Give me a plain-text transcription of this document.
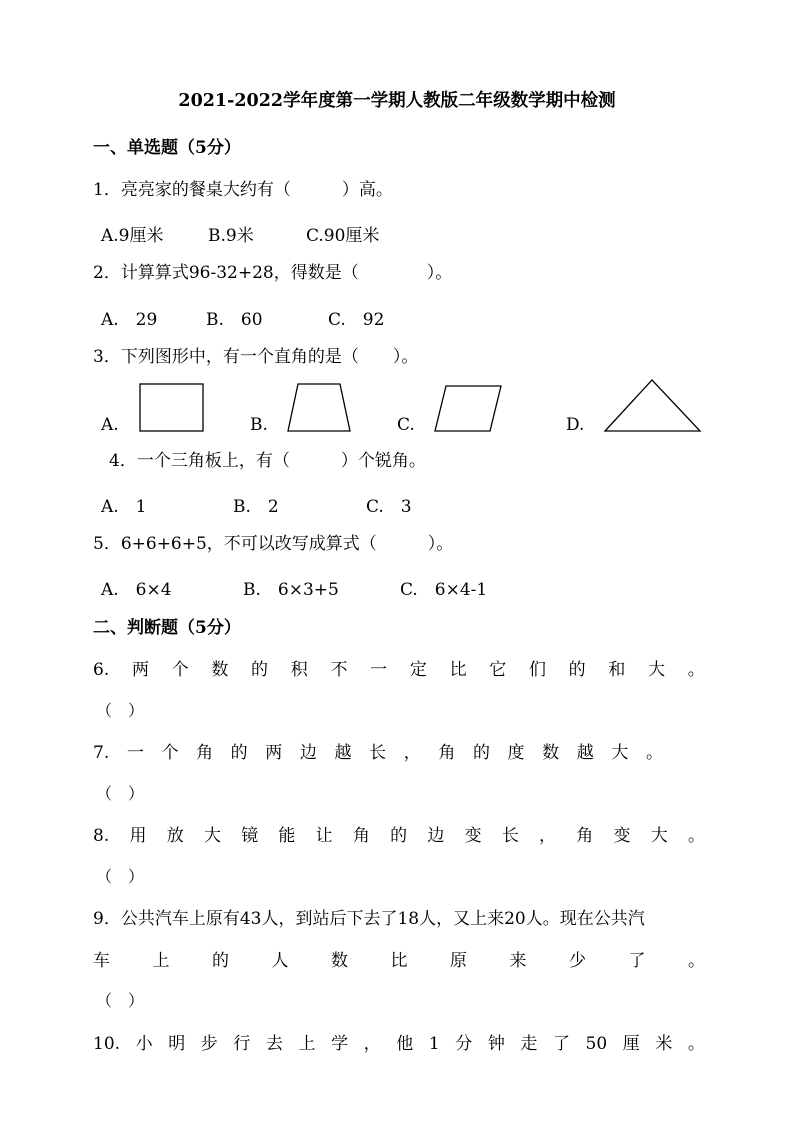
2021-2022学年度第一学期人教版二年级数学期中检测
一、单选题（5分）
1．亮亮家的餐桌大约有（　　　）高。
A.9厘米	B.9米	C.90厘米
2．计算算式96-32+28，得数是（　　　　）。
A.　29	B.　60	C.　92
3．下列图形中，有一个直角的是（　　）。
A.	B.	C.	D.
4．一个三角板上，有（　　　）个锐角。
A.　1	B.　2	C.　3
5．6+6+6+5，不可以改写成算式（　　　）。
A.　6×4	B.　6×3+5	C.　6×4-1
二、判断题（5分）
6. 两 个 数 的 积 不 一 定 比 它 们 的 和 大 。
（　）
7. 一 个 角 的 两 边 越 长 ， 角 的 度 数 越 大 。
（　）
8. 用 放 大 镜 能 让 角 的 边 变 长 ， 角 变 大 。
（　）
9．公共汽车上原有43人，到站后下去了18人，又上来20人。现在公共汽
车	上	的	人	数	比	原	来	少	了	。
（　）
10. 小 明 步 行 去 上 学 ， 他 1 分 钟 走 了 50 厘 米 。
